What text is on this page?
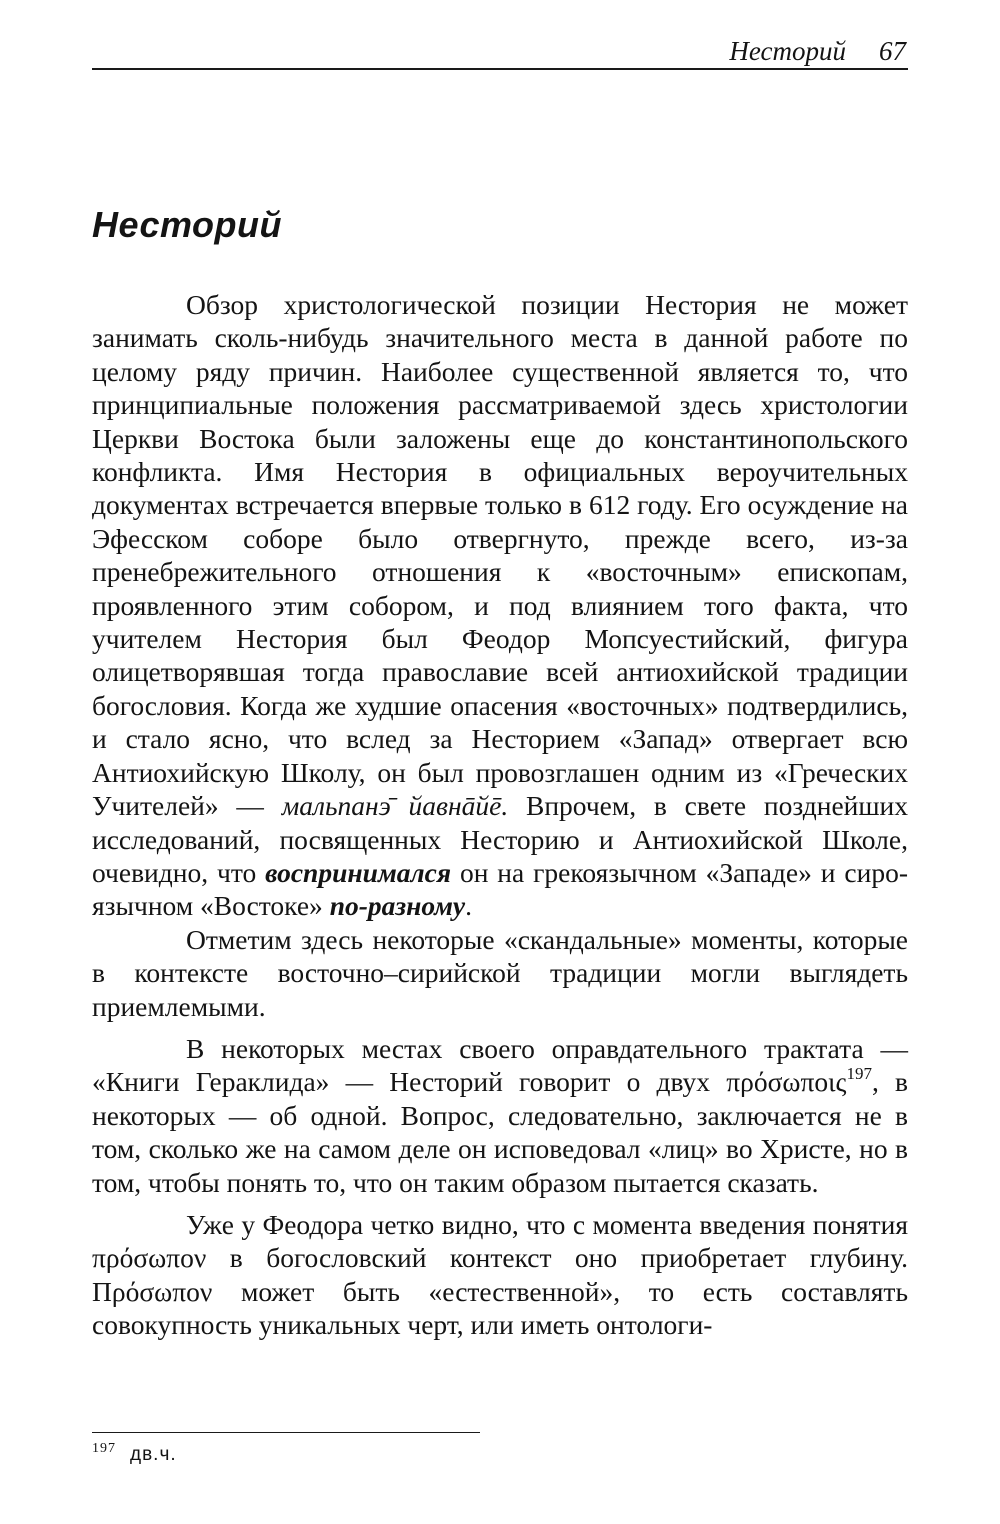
Несторий 67
Несторий

Обзор христологической позиции Нестория не может занимать сколь-нибудь значительного места в данной работе по целому ряду причин. Наиболее существенной является то, что принципиальные положения рассматриваемой здесь христологии Церкви Востока были заложены еще до константинопольского конфликта. Имя Нестория в официальных вероучительных документах встречается впервые только в 612 году. Его осуждение на Эфесском соборе было отвергнуто, прежде всего, из-за пренебрежительного отношения к «восточным» епископам, проявленного этим собором, и под влиянием того факта, что учителем Нестория был Феодор Мопсуестийский, фигура олицетворявшая тогда православие всей антиохийской традиции богословия. Когда же худшие опасения «восточных» подтвердились, и стало ясно, что вслед за Несторием «Запад» отвергает всю Антиохийскую Школу, он был провозглашен одним из «Греческих Учителей» — мальпанэ̄ йавнāйē. Впрочем, в свете позднейших исследований, посвященных Несторию и Антиохийской Школе, очевидно, что воспринимался он на грекоязычном «Западе» и сироязычном «Востоке» по-разному.

Отметим здесь некоторые «скандальные» моменты, которые в контексте восточно–сирийской традиции могли выглядеть приемлемыми.

В некоторых местах своего оправдательного трактата — «Книги Гераклида» — Несторий говорит о двух πρόσωποις$^{197}$, в некоторых — об одной. Вопрос, следовательно, заключается не в том, сколько же на самом деле он исповедовал «лиц» во Христе, но в том, чтобы понять то, что он таким образом пытается сказать.

Уже у Феодора четко видно, что с момента введения понятия πρόσωπον в богословский контекст оно приобретает глубину. Πρόσωπον может быть «естественной», то есть составлять совокупность уникальных черт, или иметь онтологи-

$^{197}$ дв.ч.
